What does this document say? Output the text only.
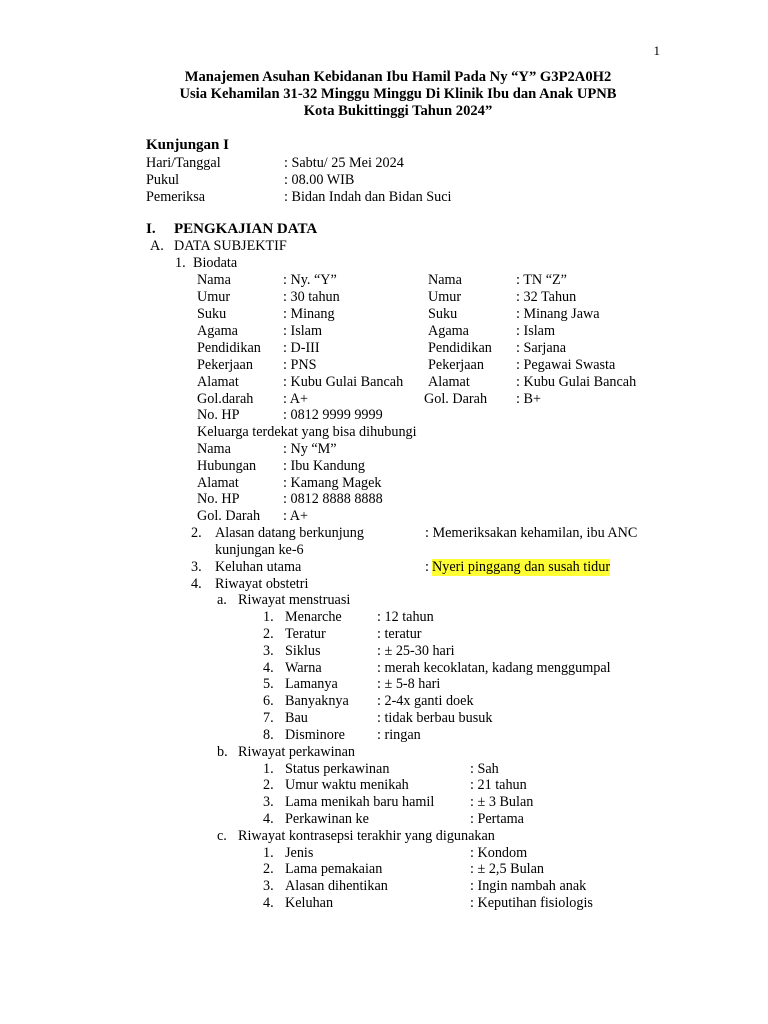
1
Manajemen Asuhan Kebidanan Ibu Hamil Pada Ny “Y” G3P2A0H2
Usia Kehamilan 31-32 Minggu Minggu Di Klinik Ibu dan Anak UPNB
Kota Bukittinggi Tahun 2024”
Kunjungan I
Hari/Tanggal	: Sabtu/ 25 Mei 2024
Pukul	: 08.00 WIB
Pemeriksa	: Bidan Indah dan Bidan Suci
I. PENGKAJIAN DATA
A. DATA SUBJEKTIF
1. Biodata
Nama	: Ny. “Y”	Nama	: TN “Z”
Umur	: 30 tahun	Umur	: 32 Tahun
Suku	: Minang	Suku	: Minang Jawa
Agama	: Islam	Agama	: Islam
Pendidikan : D-III	Pendidikan : Sarjana
Pekerjaan : PNS	Pekerjaan : Pegawai Swasta
Alamat	: Kubu Gulai Bancah Alamat	: Kubu Gulai Bancah
Gol.darah : A+	Gol. Darah : B+
No. HP	: 0812 9999 9999
Keluarga terdekat yang bisa dihubungi
Nama	: Ny “M”
Hubungan : Ibu Kandung
Alamat	: Kamang Magek
No. HP	: 0812 8888 8888
Gol. Darah : A+
2. Alasan datang berkunjung	: Memeriksakan kehamilan, ibu ANC
kunjungan ke-6
3. Keluhan utama	: Nyeri pinggang dan susah tidur
4. Riwayat obstetri
a. Riwayat menstruasi
1. Menarche : 12 tahun
2. Teratur	: teratur
3. Siklus	: ± 25-30 hari
4. Warna	: merah kecoklatan, kadang menggumpal
5. Lamanya	: ± 5-8 hari
6. Banyaknya : 2-4x ganti doek
7. Bau	: tidak berbau busuk
8. Disminore : ringan
b. Riwayat perkawinan
1. Status perkawinan	: Sah
2. Umur waktu menikah	: 21 tahun
3. Lama menikah baru hamil	: ± 3 Bulan
4. Perkawinan ke	: Pertama
c. Riwayat kontrasepsi terakhir yang digunakan
1. Jenis	: Kondom
2. Lama pemakaian	: ± 2,5 Bulan
3. Alasan dihentikan	: Ingin nambah anak
4. Keluhan	: Keputihan fisiologis
